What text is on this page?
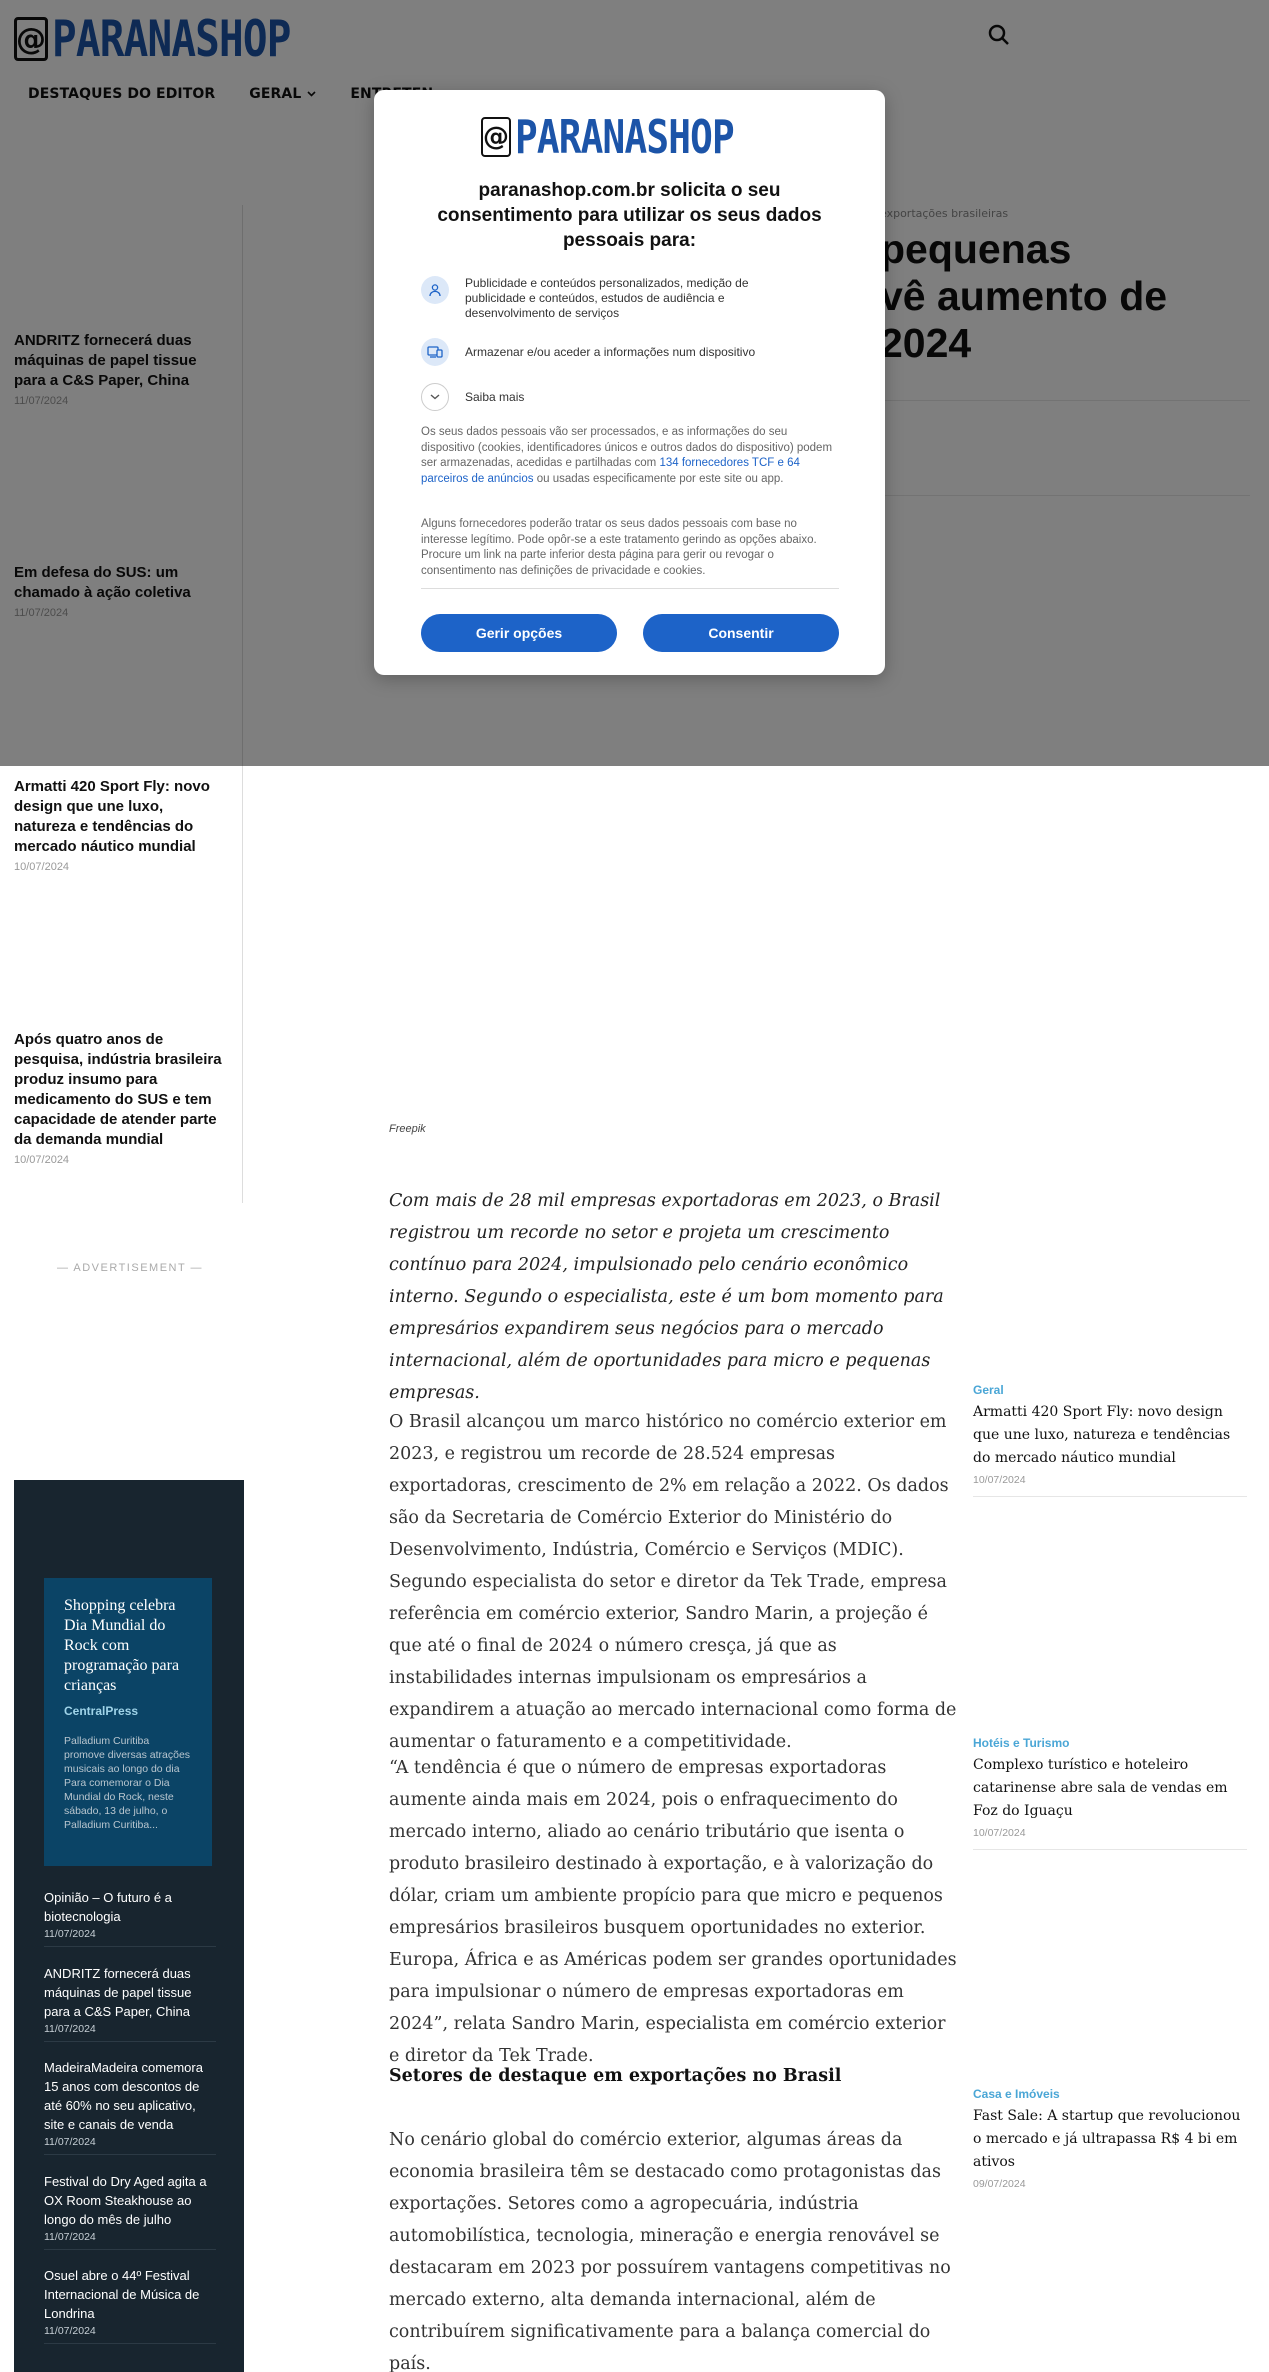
Armatti 420 Sport Fly: novo design que une luxo, natureza e tendências do mercado náutico mundial
10/07/2024
Após quatro anos de pesquisa, indústria brasileira produz insumo para medicamento do SUS e tem capacidade de atender parte da demanda mundial
10/07/2024
— ADVERTISEMENT —
Shopping celebra Dia Mundial do Rock com programação para crianças
CentralPress
Palladium Curitiba promove diversas atrações musicais ao longo do dia Para comemorar o Dia Mundial do Rock, neste sábado, 13 de julho, o Palladium Curitiba...
Opinião – O futuro é a biotecnologia
11/07/2024
ANDRITZ fornecerá duas máquinas de papel tissue para a C&S Paper, China
11/07/2024
MadeiraMadeira comemora 15 anos com descontos de até 60% no seu aplicativo, site e canais de venda
11/07/2024
Festival do Dry Aged agita a OX Room Steakhouse ao longo do mês de julho
11/07/2024
Osuel abre o 44º Festival Internacional de Música de Londrina
11/07/2024
Freepik
Com mais de 28 mil empresas exportadoras em 2023, o Brasil registrou um recorde no setor e projeta um crescimento contínuo para 2024, impulsionado pelo cenário econômico interno. Segundo o especialista, este é um bom momento para empresários expandirem seus negócios para o mercado internacional, além de oportunidades para micro e pequenas empresas.
O Brasil alcançou um marco histórico no comércio exterior em 2023, e registrou um recorde de 28.524 empresas exportadoras, crescimento de 2% em relação a 2022. Os dados são da Secretaria de Comércio Exterior do Ministério do Desenvolvimento, Indústria, Comércio e Serviços (MDIC). Segundo especialista do setor e diretor da Tek Trade, empresa referência em comércio exterior, Sandro Marin, a projeção é que até o final de 2024 o número cresça, já que as instabilidades internas impulsionam os empresários a expandirem a atuação ao mercado internacional como forma de aumentar o faturamento e a competitividade.
“A tendência é que o número de empresas exportadoras aumente ainda mais em 2024, pois o enfraquecimento do mercado interno, aliado ao cenário tributário que isenta o produto brasileiro destinado à exportação, e à valorização do dólar, criam um ambiente propício para que micro e pequenos empresários brasileiros busquem oportunidades no exterior. Europa, África e as Américas podem ser grandes oportunidades para impulsionar o número de empresas exportadoras em 2024”, relata Sandro Marin, especialista em comércio exterior e diretor da Tek Trade.
Setores de destaque em exportações no Brasil
No cenário global do comércio exterior, algumas áreas da economia brasileira têm se destacado como protagonistas das exportações. Setores como a agropecuária, indústria automobilística, tecnologia, mineração e energia renovável se destacaram em 2023 por possuírem vantagens competitivas no mercado externo, alta demanda internacional, além de contribuírem significativamente para a balança comercial do país.
Geral
Armatti 420 Sport Fly: novo design que une luxo, natureza e tendências do mercado náutico mundial
10/07/2024
Hotéis e Turismo
Complexo turístico e hoteleiro catarinense abre sala de vendas em Foz do Iguaçu
10/07/2024
Casa e Imóveis
Fast Sale: A startup que revolucionou o mercado e já ultrapassa R$ 4 bi em ativos
09/07/2024
@ PARANASHOP
paranashop.com.br solicita o seu consentimento para utilizar os seus dados pessoais para:
Publicidade e conteúdos personalizados, medição de publicidade e conteúdos, estudos de audiência e desenvolvimento de serviços
Armazenar e/ou aceder a informações num dispositivo
Saiba mais
Os seus dados pessoais vão ser processados, e as informações do seu dispositivo (cookies, identificadores únicos e outros dados do dispositivo) podem ser armazenadas, acedidas e partilhadas com 134 fornecedores TCF e 64 parceiros de anúncios ou usadas especificamente por este site ou app.
Alguns fornecedores poderão tratar os seus dados pessoais com base no interesse legítimo. Pode opôr-se a este tratamento gerindo as opções abaixo. Procure um link na parte inferior desta página para gerir ou revogar o consentimento nas definições de privacidade e cookies.
Gerir opções	Consentir
